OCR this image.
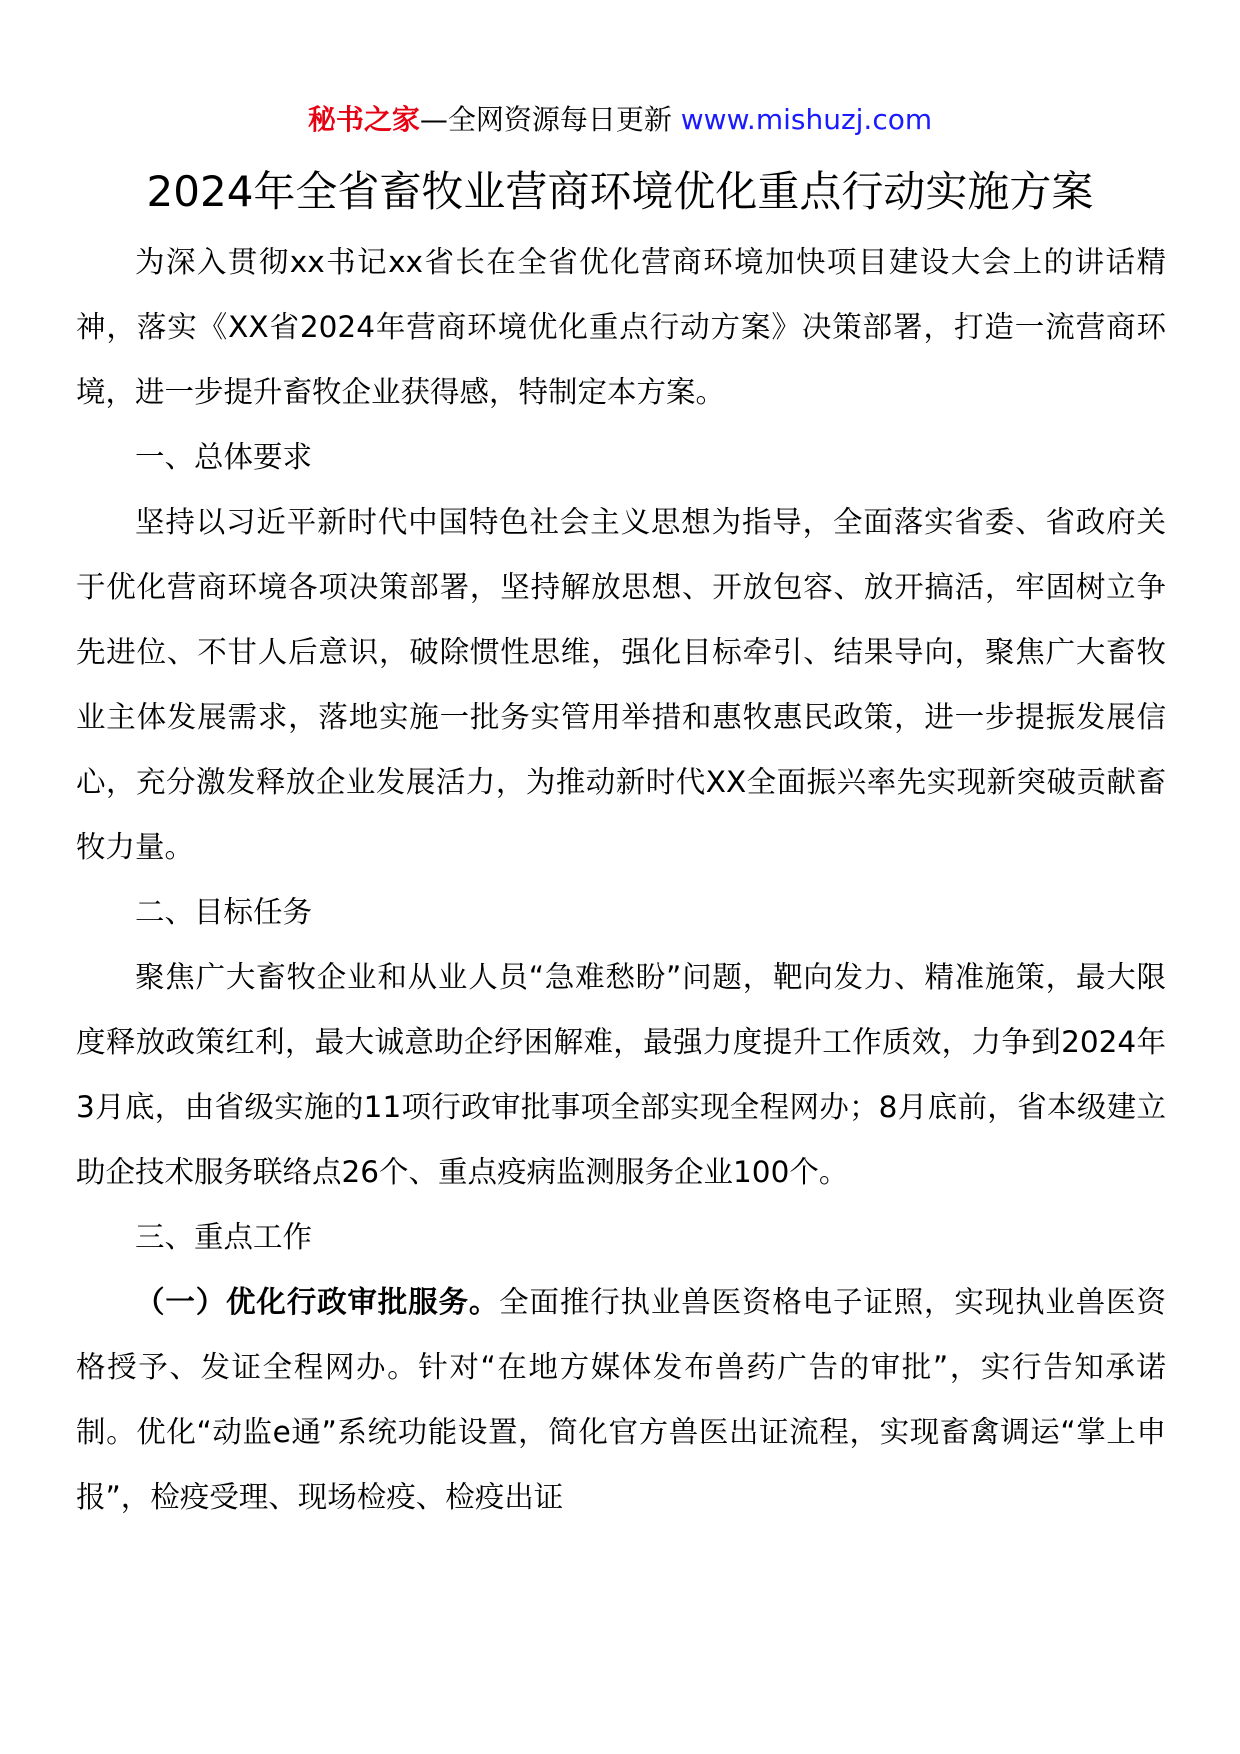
秘书之家—全网资源每日更新 www.mishuzj.com
2024年全省畜牧业营商环境优化重点行动实施方案

为深入贯彻xx书记xx省长在全省优化营商环境加快项目建设大会上的讲话精神，落实《XX省2024年营商环境优化重点行动方案》决策部署，打造一流营商环境，进一步提升畜牧企业获得感，特制定本方案。

一、总体要求

坚持以习近平新时代中国特色社会主义思想为指导，全面落实省委、省政府关于优化营商环境各项决策部署，坚持解放思想、开放包容、放开搞活，牢固树立争先进位、不甘人后意识，破除惯性思维，强化目标牵引、结果导向，聚焦广大畜牧业主体发展需求，落地实施一批务实管用举措和惠牧惠民政策，进一步提振发展信心，充分激发释放企业发展活力，为推动新时代XX全面振兴率先实现新突破贡献畜牧力量。

二、目标任务

聚焦广大畜牧企业和从业人员“急难愁盼”问题，靶向发力、精准施策，最大限度释放政策红利，最大诚意助企纾困解难，最强力度提升工作质效，力争到2024年3月底，由省级实施的11项行政审批事项全部实现全程网办；8月底前，省本级建立助企技术服务联络点26个、重点疫病监测服务企业100个。

三、重点工作

（一）优化行政审批服务。全面推行执业兽医资格电子证照，实现执业兽医资格授予、发证全程网办。针对“在地方媒体发布兽药广告的审批”，实行告知承诺制。优化“动监e通”系统功能设置，简化官方兽医出证流程，实现畜禽调运“掌上申报”，检疫受理、现场检疫、检疫出证
